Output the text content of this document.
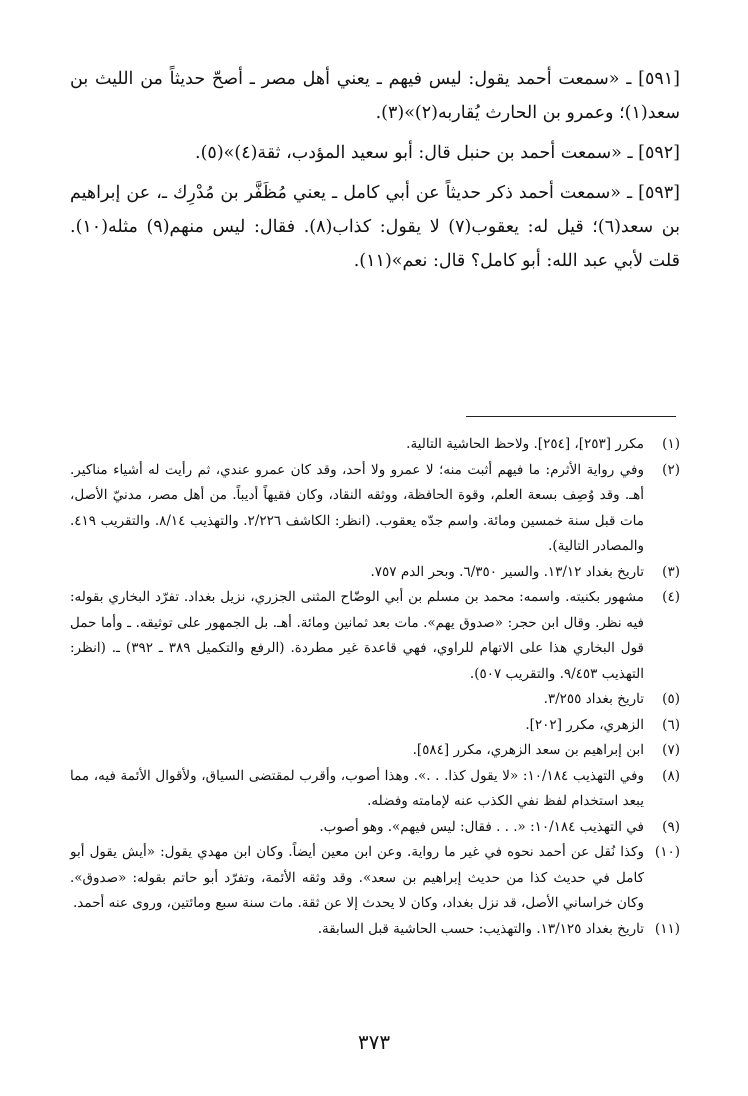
[٥٩١] ـ «سمعت أحمد يقول: ليس فيهم ـ يعني أهل مصر ـ أصحّ حديثاً من الليث بن سعد(١)؛ وعمرو بن الحارث يُقاربه(٢)»(٣).

[٥٩٢] ـ «سمعت أحمد بن حنبل قال: أبو سعيد المؤدب، ثقة(٤)»(٥).

[٥٩٣] ـ «سمعت أحمد ذكر حديثاً عن أبي كامل ـ يعني مُظَفَّر بن مُدْرِك ـ، عن إبراهيم بن سعد(٦)؛ قيل له: يعقوب(٧) لا يقول: كذاب(٨). فقال: ليس منهم(٩) مثله(١٠). قلت لأبي عبد الله: أبو كامل؟ قال: نعم»(١١).

(١)
مكرر [٢٥٣]، [٢٥٤]. ولاحظ الحاشية التالية.
(٢)
وفي رواية الأثرم: ما فيهم أثبت منه؛ لا عمرو ولا أحد، وقد كان عمرو عندي، ثم رأيت له أشياء مناكير. أهـ. وقد وُصِف بسعة العلم، وقوة الحافظة، ووثقه النقاد، وكان فقيهاً أديباً. من أهل مصر، مدنيّ الأصل، مات قبل سنة خمسين ومائة. واسم جدّه يعقوب. (انظر: الكاشف ٢/٢٢٦. والتهذيب ٨/١٤. والتقريب ٤١٩. والمصادر التالية).
(٣)
تاريخ بغداد ١٣/١٢. والسير ٦/٣٥٠. وبحر الدم ٧٥٧.
(٤)
مشهور بكنيته. واسمه: محمد بن مسلم بن أبي الوضّاح المثنى الجزري، نزيل بغداد. تفرّد البخاري بقوله: فيه نظر. وقال ابن حجر: «صدوق يهم». مات بعد ثمانين ومائة. أهـ. بل الجمهور على توثيقه. ـ وأما حمل قول البخاري هذا على الاتهام للراوي، فهي قاعدة غير مطردة. (الرفع والتكميل ٣٨٩ ـ ٣٩٢) ـ. (انظر: التهذيب ٩/٤٥٣. والتقريب ٥٠٧).
(٥)
تاريخ بغداد ٣/٢٥٥.
(٦)
الزهري، مكرر [٢٠٢].
(٧)
ابن إبراهيم بن سعد الزهري، مكرر [٥٨٤].
(٨)
وفي التهذيب ١٠/١٨٤: «لا يقول كذا. . .». وهذا أصوب، وأقرب لمقتضى السياق، ولأقوال الأئمة فيه، مما يبعد استخدام لفظ نفي الكذب عنه لإمامته وفضله.
(٩)
في التهذيب ١٠/١٨٤: «. . . فقال: ليس فيهم». وهو أصوب.
(١٠)
وكذا نُقل عن أحمد نحوه في غير ما رواية. وعن ابن معين أيضاً. وكان ابن مهدي يقول: «أيش يقول أبو كامل في حديث كذا من حديث إبراهيم بن سعد». وقد وثقه الأئمة، وتفرّد أبو حاتم بقوله: «صدوق». وكان خراساني الأصل، قد نزل بغداد، وكان لا يحدث إلا عن ثقة. مات سنة سبع ومائتين، وروى عنه أحمد.
(١١)
تاريخ بغداد ١٣/١٢٥. والتهذيب: حسب الحاشية قبل السابقة.
٣٧٣
